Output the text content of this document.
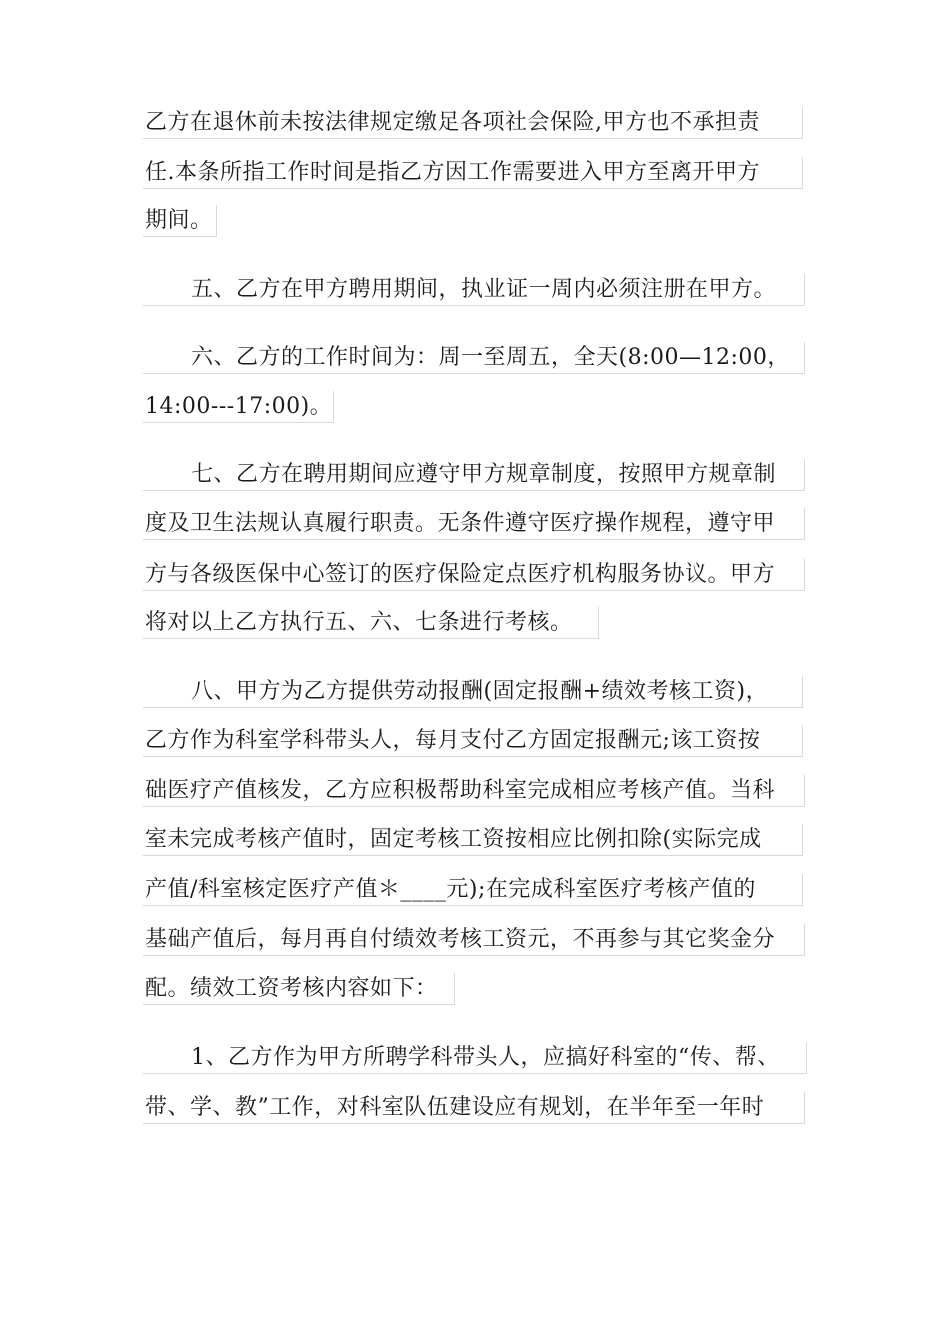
乙方在退休前未按法律规定缴足各项社会保险,甲方也不承担责
任.本条所指工作时间是指乙方因工作需要进入甲方至离开甲方
期间。
五、乙方在甲方聘用期间，执业证一周内必须注册在甲方。
六、乙方的工作时间为：周一至周五，全天(8:00—12:00，
14:00---17:00)。
七、乙方在聘用期间应遵守甲方规章制度，按照甲方规章制
度及卫生法规认真履行职责。无条件遵守医疗操作规程，遵守甲
方与各级医保中心签订的医疗保险定点医疗机构服务协议。甲方
将对以上乙方执行五、六、七条进行考核。
八、甲方为乙方提供劳动报酬(固定报酬+绩效考核工资)，
乙方作为科室学科带头人，每月支付乙方固定报酬元;该工资按
础医疗产值核发，乙方应积极帮助科室完成相应考核产值。当科
室未完成考核产值时，固定考核工资按相应比例扣除(实际完成
产值/科室核定医疗产值＊____元);在完成科室医疗考核产值的
基础产值后，每月再自付绩效考核工资元，不再参与其它奖金分
配。绩效工资考核内容如下：
1、乙方作为甲方所聘学科带头人，应搞好科室的“传、帮、
带、学、教”工作，对科室队伍建设应有规划，在半年至一年时
